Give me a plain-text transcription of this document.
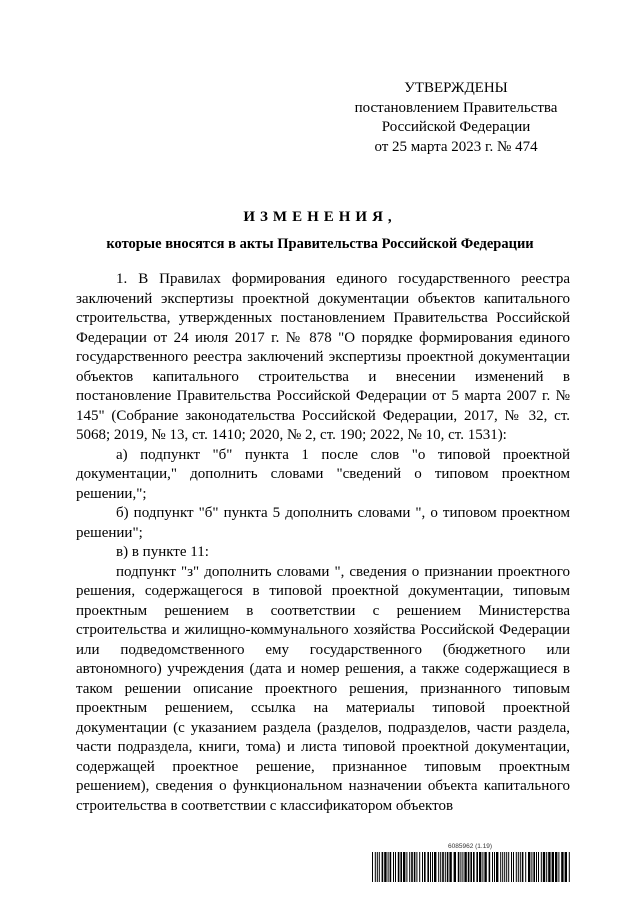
УТВЕРЖДЕНЫ
постановлением Правительства
Российской Федерации
от 25 марта 2023 г. № 474
ИЗМЕНЕНИЯ,
которые вносятся в акты Правительства Российской Федерации

1. В Правилах формирования единого государственного реестра заключений экспертизы проектной документации объектов капитального строительства, утвержденных постановлением Правительства Российской Федерации от 24 июля 2017 г. № 878 "О порядке формирования единого государственного реестра заключений экспертизы проектной документации объектов капитального строительства и внесении изменений в постановление Правительства Российской Федерации от 5 марта 2007 г. № 145" (Собрание законодательства Российской Федерации, 2017, № 32, ст. 5068; 2019, № 13, ст. 1410; 2020, № 2, ст. 190; 2022, № 10, ст. 1531):

а) подпункт "б" пункта 1 после слов "о типовой проектной документации," дополнить словами "сведений о типовом проектном решении,";

б) подпункт "б" пункта 5 дополнить словами ", о типовом проектном решении";

в) в пункте 11:

подпункт "з" дополнить словами ", сведения о признании проектного решения, содержащегося в типовой проектной документации, типовым проектным решением в соответствии с решением Министерства строительства и жилищно-коммунального хозяйства Российской Федерации или подведомственного ему государственного (бюджетного или автономного) учреждения (дата и номер решения, а также содержащиеся в таком решении описание проектного решения, признанного типовым проектным решением, ссылка на материалы типовой проектной документации (с указанием раздела (разделов, подразделов, части раздела, части подраздела, книги, тома) и листа типовой проектной документации, содержащей проектное решение, признанное типовым проектным решением), сведения о функциональном назначении объекта капитального строительства в соответствии с классификатором объектов

6085962 (1.19)
